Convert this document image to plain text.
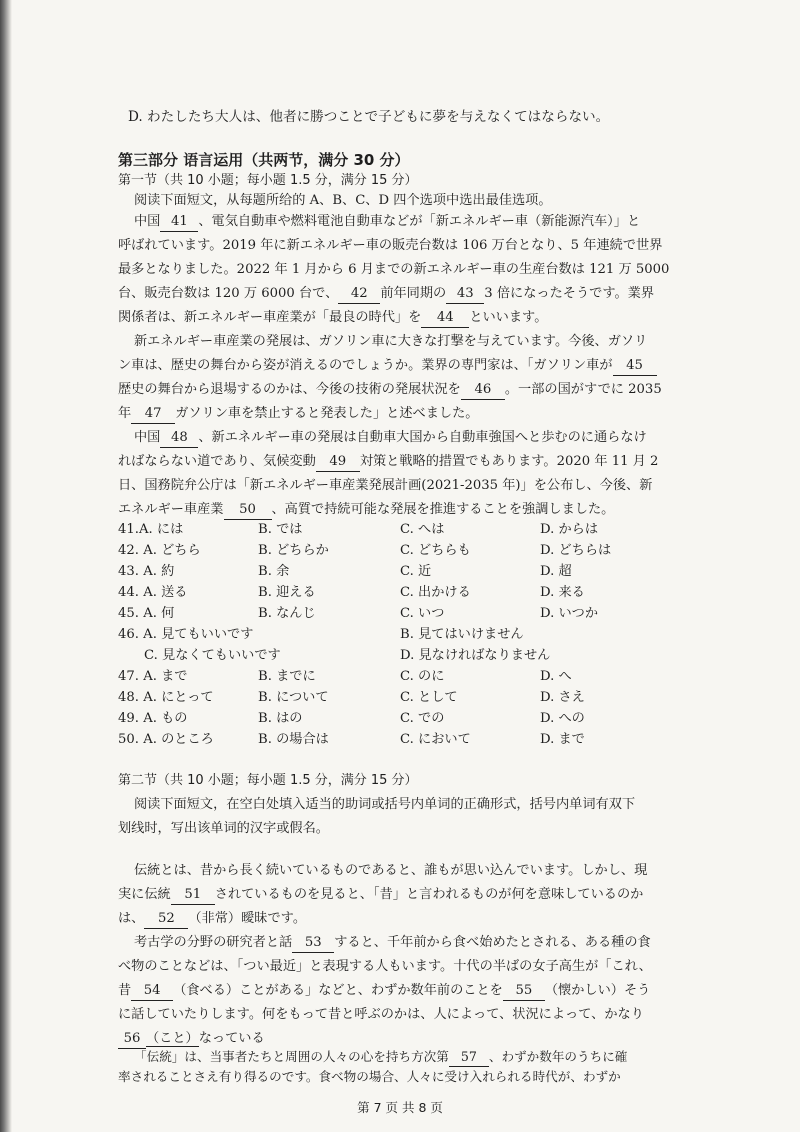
D. わたしたち大人は、他者に勝つことで子どもに夢を与えなくてはならない。
第三部分 语言运用（共两节，满分 30 分）
第一节（共 10 小题；每小题 1.5 分，满分 15 分）
阅读下面短文，从每题所给的 A、B、C、D 四个选项中选出最佳选项。
中国 41 、電気自動車や燃料電池自動車などが「新エネルギー車（新能源汽车）」と
呼ばれています。2019 年に新エネルギー車の販売台数は 106 万台となり、5 年連続で世界
最多となりました。2022 年 1 月から 6 月までの新エネルギー車の生産台数は 121 万 5000
台、販売台数は 120 万 6000 台で、 42 前年同期の 43 3 倍になったそうです。業界
関係者は、新エネルギー車産業が「最良の時代」を 44 といいます。
新エネルギー車産業の発展は、ガソリン車に大きな打撃を与えています。今後、ガソリ
ン車は、歴史の舞台から姿が消えるのでしょうか。業界の専門家は、「ガソリン車が 45
歴史の舞台から退場するのかは、今後の技術の発展状況を 46 。一部の国がすでに 2035
年 47 ガソリン車を禁止すると発表した」と述べました。
中国 48 、新エネルギー車の発展は自動車大国から自動車強国へと歩むのに通らなけ
ればならない道であり、気候変動 49 対策と戦略的措置でもあります。2020 年 11 月 2
日、国務院弁公庁は「新エネルギー車産業発展計画(2021-2035 年)」を公布し、今後、新
エネルギー車産業 50 、高質で持続可能な発展を推進することを強調しました。
41.A. には	B. では	C. へは	D. からは
42. A. どちら	B. どちらか	C. どちらも	D. どちらは
43. A. 約	B. 余	C. 近	D. 超
44. A. 送る	B. 迎える	C. 出かける	D. 来る
45. A. 何	B. なんじ	C. いつ	D. いつか
46. A. 見てもいいです	B. 見てはいけません
C. 見なくてもいいです	D. 見なければなりません
47. A. まで	B. までに	C. のに	D. へ
48. A. にとって	B. について	C. として	D. さえ
49. A. もの	B. はの	C. での	D. への
50. A. のところ	B. の場合は	C. において	D. まで
第二节（共 10 小题；每小题 1.5 分，满分 15 分）
阅读下面短文，在空白处填入适当的助词或括号内单词的正确形式，括号内单词有双下
划线时，写出该单词的汉字或假名。
伝統とは、昔から長く続いているものであると、誰もが思い込んでいます。しかし、現
実に伝統 51 されているものを見ると、「昔」と言われるものが何を意味しているのか
は、 52 （非常）曖昧です。
考古学の分野の研究者と話 53 すると、千年前から食べ始めたとされる、ある種の食
べ物のことなどは、「つい最近」と表現する人もいます。十代の半ばの女子高生が「これ、
昔 54 （食べる）ことがある」などと、わずか数年前のことを 55 （懐かしい）そう
に話していたりします。何をもって昔と呼ぶのかは、人によって、状況によって、かなり
56 （こと）なっている
第 7 页 共 8 页
「伝統」は、当事者たちと周囲の人々の心を持ち方次第 57 、わずか数年のうちに確
率されることさえ有り得るのです。食べ物の場合、人々に受け入れられる時代が、わずか
